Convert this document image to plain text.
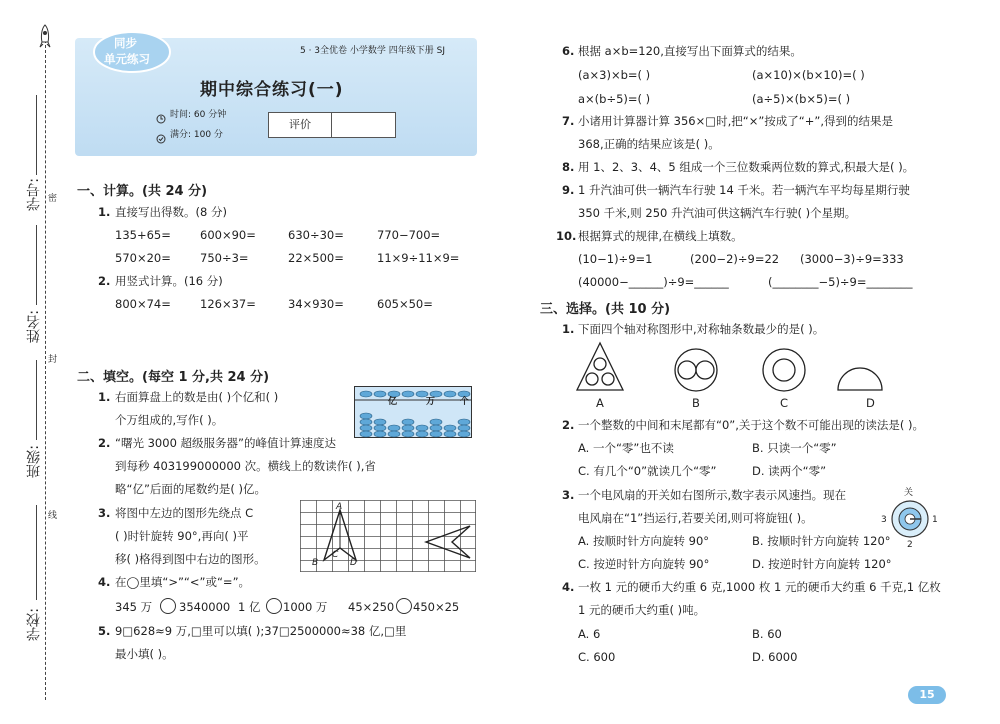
学号:
姓名:
班级:
学校:
密
封
线
同步
单元练习
5 · 3全优卷 小学数学 四年级下册 SJ
期中综合练习(一)
时间: 60 分钟
满分: 100 分
评价
一、计算。(共 24 分)
1. 直接写出得数。(8 分)
135+65=	600×90=	630÷30=	770−700=
570×20=	750÷3=	22×500=	11×9÷11×9=
2. 用竖式计算。(16 分)
800×74=	126×37=	34×930=	605×50=
二、填空。(每空 1 分,共 24 分)
1. 右面算盘上的数是由( )个亿和( )
个万组成的,写作( )。
亿	万	个
2. “曙光 3000 超级服务器”的峰值计算速度达
到每秒 403199000000 次。横线上的数读作( ),省
略“亿”后面的尾数约是( )亿。
3. 将图中左边的图形先绕点 C
( )时针旋转 90°,再向( )平
移( )格得到图中右边的图形。
A
B
C
D
4. 在◯里填“>”“<”或“=”。
345 万 3540000 1 亿 1000 万 45×250 450×25
5. 9□628≈9 万,□里可以填( );37□2500000≈38 亿,□里
最小填( )。
6. 根据 a×b=120,直接写出下面算式的结果。
(a×3)×b=( )	(a×10)×(b×10)=( )
a×(b÷5)=( )	(a÷5)×(b×5)=( )
7. 小诸用计算器计算 356×□时,把“×”按成了“+”,得到的结果是
368,正确的结果应该是( )。
8. 用 1、2、3、4、5 组成一个三位数乘两位数的算式,积最大是( )。
9. 1 升汽油可供一辆汽车行驶 14 千米。若一辆汽车平均每星期行驶
350 千米,则 250 升汽油可供这辆汽车行驶( )个星期。
10. 根据算式的规律,在横线上填数。
(10−1)÷9=1	(200−2)÷9=22 (3000−3)÷9=333
(40000−______)÷9=______	(________−5)÷9=________
三、选择。(共 10 分)
1. 下面四个轴对称图形中,对称轴条数最少的是( )。
A	B	C	D
2. 一个整数的中间和末尾都有“0”,关于这个数不可能出现的读法是( )。
A. 一个“零”也不读	B. 只读一个“零”
C. 有几个“0”就读几个“零”	D. 读两个“零”
3. 一个电风扇的开关如右图所示,数字表示风速挡。现在
电风扇在“1”挡运行,若要关闭,则可将旋钮( )。
A. 按顺时针方向旋转 90°	B. 按顺时针方向旋转 120°
C. 按逆时针方向旋转 90°	D. 按逆时针方向旋转 120°
关
1
2
3
4. 一枚 1 元的硬币大约重 6 克,1000 枚 1 元的硬币大约重 6 千克,1 亿枚
1 元的硬币大约重( )吨。
A. 6	B. 60
C. 600	D. 6000
15
